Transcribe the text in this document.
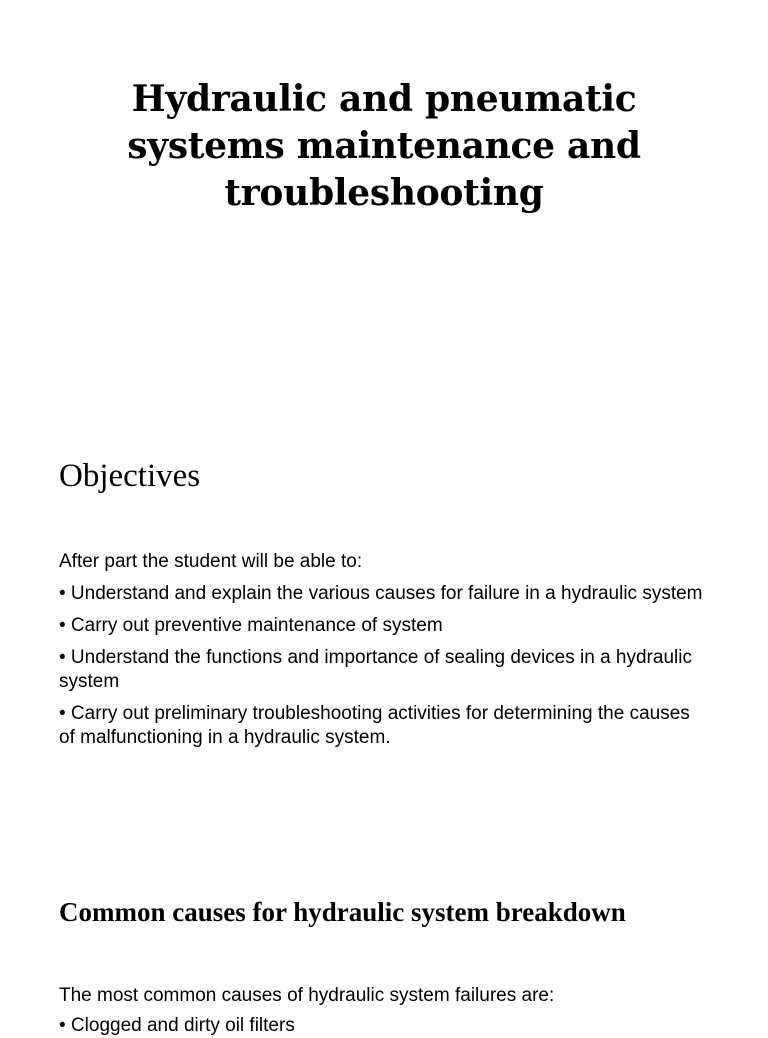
Hydraulic and pneumatic systems maintenance and troubleshooting
Objectives
After part the student will be able to:
• Understand and explain the various causes for failure in a hydraulic system
• Carry out preventive maintenance of system
• Understand the functions and importance of sealing devices in a hydraulic system
• Carry out preliminary troubleshooting activities for determining the causes of malfunctioning in a hydraulic system.
Common causes for hydraulic system breakdown

The most common causes of hydraulic system failures are:

• Clogged and dirty oil filters
